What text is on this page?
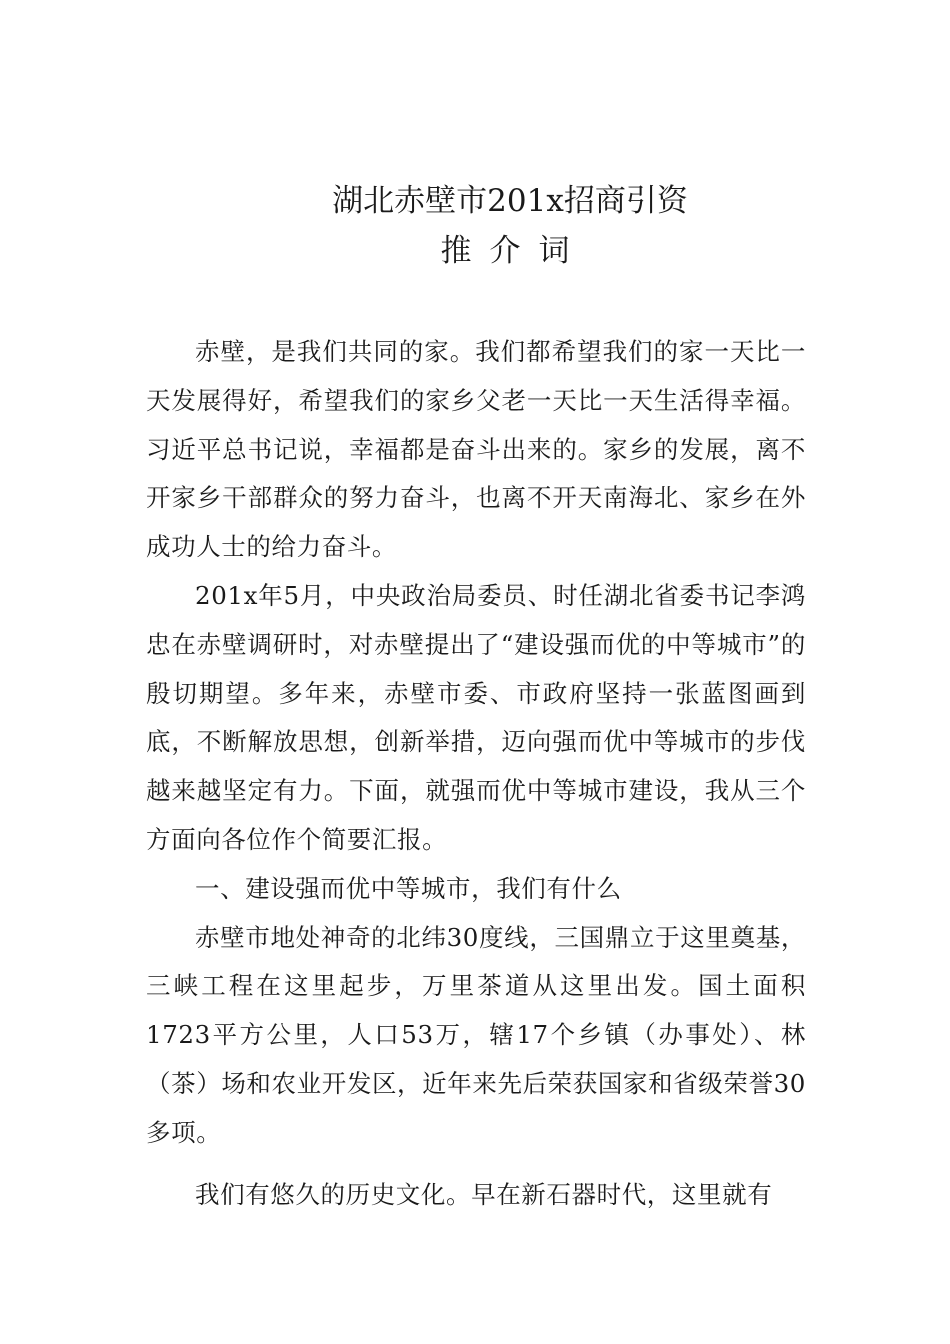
湖北赤壁市201x招商引资
推介词

赤壁，是我们共同的家。我们都希望我们的家一天比一天发展得好，希望我们的家乡父老一天比一天生活得幸福。习近平总书记说，幸福都是奋斗出来的。家乡的发展，离不开家乡干部群众的努力奋斗，也离不开天南海北、家乡在外成功人士的给力奋斗。

201x年5月，中央政治局委员、时任湖北省委书记李鸿忠在赤壁调研时，对赤壁提出了“建设强而优的中等城市”的殷切期望。多年来，赤壁市委、市政府坚持一张蓝图画到底，不断解放思想，创新举措，迈向强而优中等城市的步伐越来越坚定有力。下面，就强而优中等城市建设，我从三个方面向各位作个简要汇报。

一、建设强而优中等城市，我们有什么

赤壁市地处神奇的北纬30度线，三国鼎立于这里奠基，三峡工程在这里起步，万里茶道从这里出发。国土面积1723平方公里，人口53万，辖17个乡镇（办事处）、林（茶）场和农业开发区，近年来先后荣获国家和省级荣誉30多项。

我们有悠久的历史文化。早在新石器时代，这里就有
